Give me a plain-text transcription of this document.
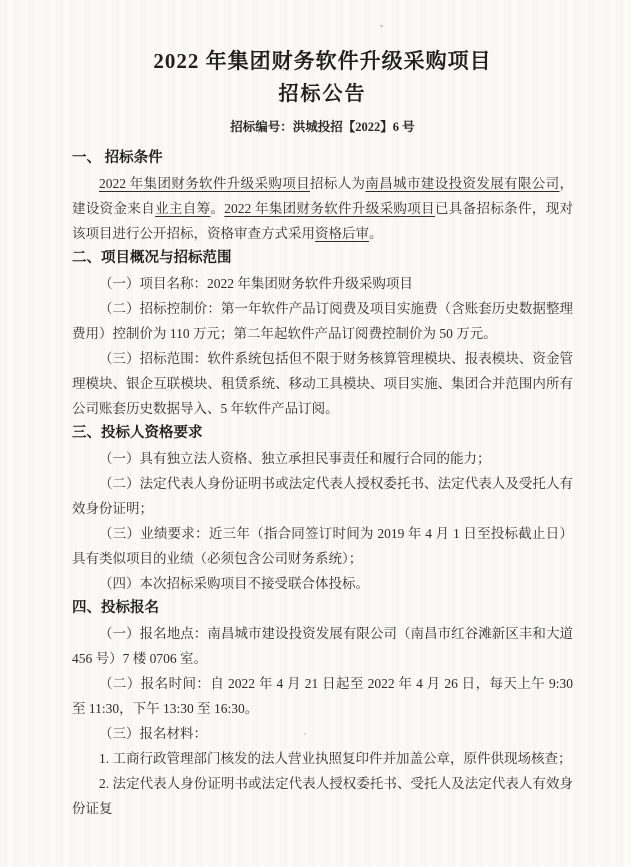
2022 年集团财务软件升级采购项目
招标公告
招标编号：洪城投招【2022】6 号
一、 招标条件

2022 年集团财务软件升级采购项目招标人为南昌城市建设投资发展有限公司，建设资金来自业主自筹。2022 年集团财务软件升级采购项目已具备招标条件，现对该项目进行公开招标，资格审查方式采用资格后审。

二、项目概况与招标范围

（一）项目名称：2022 年集团财务软件升级采购项目

（二）招标控制价：第一年软件产品订阅费及项目实施费（含账套历史数据整理费用）控制价为 110 万元；第二年起软件产品订阅费控制价为 50 万元。

（三）招标范围：软件系统包括但不限于财务核算管理模块、报表模块、资金管理模块、银企互联模块、租赁系统、移动工具模块、项目实施、集团合并范围内所有公司账套历史数据导入、5 年软件产品订阅。

三、投标人资格要求

（一）具有独立法人资格、独立承担民事责任和履行合同的能力；

（二）法定代表人身份证明书或法定代表人授权委托书、法定代表人及受托人有效身份证明；

（三）业绩要求：近三年（指合同签订时间为 2019 年 4 月 1 日至投标截止日）具有类似项目的业绩（必须包含公司财务系统）；

（四）本次招标采购项目不接受联合体投标。

四、投标报名

（一）报名地点：南昌城市建设投资发展有限公司（南昌市红谷滩新区丰和大道 456 号）7 楼 0706 室。

（二）报名时间：自 2022 年 4 月 21 日起至 2022 年 4 月 26 日，每天上午 9:30 至 11:30，下午 13:30 至 16:30。

（三）报名材料：

1. 工商行政管理部门核发的法人营业执照复印件并加盖公章，原件供现场核查；

2. 法定代表人身份证明书或法定代表人授权委托书、受托人及法定代表人有效身份证复
